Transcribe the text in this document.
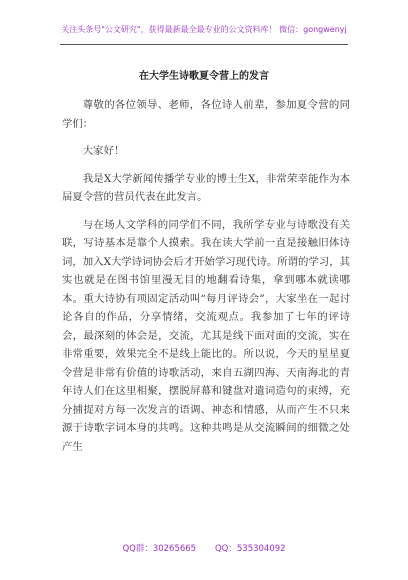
关注头条号"公文研究"，获得最新最全最专业的公文资料库！ 微信：gongwenyj
在大学生诗歌夏令营上的发言

尊敬的各位领导、老师，各位诗人前辈，参加夏令营的同学们：

大家好！

我是X大学新闻传播学专业的博士生X，非常荣幸能作为本届夏令营的营员代表在此发言。

与在场人文学科的同学们不同，我所学专业与诗歌没有关联，写诗基本是靠个人摸索。我在读大学前一直是接触旧体诗词，加入X大学诗词协会后才开始学习现代诗。所谓的学习，其实也就是在图书馆里漫无目的地翻看诗集，拿到哪本就读哪本。重大诗协有项固定活动叫“每月评诗会”，大家坐在一起讨论各自的作品，分享情绪，交流观点。我参加了七年的评诗会，最深刻的体会是，交流，尤其是线下面对面的交流，实在非常重要，效果完全不是线上能比的。所以说，今天的星星夏令营是非常有价值的诗歌活动，来自五湖四海、天南海北的青年诗人们在这里相聚，摆脱屏幕和键盘对遣词造句的束缚，充分捕捉对方每一次发言的语调、神态和情感，从而产生不只来源于诗歌字词本身的共鸣。这种共鸣是从交流瞬间的细微之处产生

QQ群：30265665       QQ：535304092
